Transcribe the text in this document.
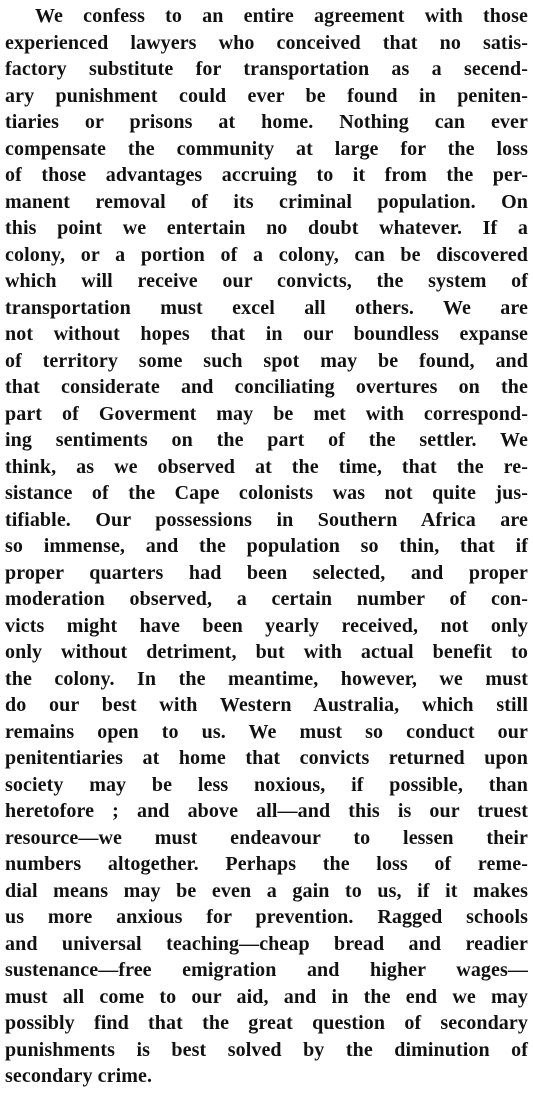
We confess to an entire agreement with those
experienced lawyers who conceived that no satis-
factory substitute for transportation as a secend-
ary punishment could ever be found in peniten-
tiaries or prisons at home. Nothing can ever
compensate the community at large for the loss
of those advantages accruing to it from the per-
manent removal of its criminal population. On
this point we entertain no doubt whatever. If a
colony, or a portion of a colony, can be discovered
which will receive our convicts, the system of
transportation must excel all others. We are
not without hopes that in our boundless expanse
of territory some such spot may be found, and
that considerate and conciliating overtures on the
part of Goverment may be met with correspond-
ing sentiments on the part of the settler. We
think, as we observed at the time, that the re-
sistance of the Cape colonists was not quite jus-
tifiable. Our possessions in Southern Africa are
so immense, and the population so thin, that if
proper quarters had been selected, and proper
moderation observed, a certain number of con-
victs might have been yearly received, not only
only without detriment, but with actual benefit to
the colony. In the meantime, however, we must
do our best with Western Australia, which still
remains open to us. We must so conduct our
penitentiaries at home that convicts returned upon
society may be less noxious, if possible, than
heretofore ; and above all—and this is our truest
resource—we must endeavour to lessen their
numbers altogether. Perhaps the loss of reme-
dial means may be even a gain to us, if it makes
us more anxious for prevention. Ragged schools
and universal teaching—cheap bread and readier
sustenance—free emigration and higher wages—
must all come to our aid, and in the end we may
possibly find that the great question of secondary
punishments is best solved by the diminution of
secondary crime.
